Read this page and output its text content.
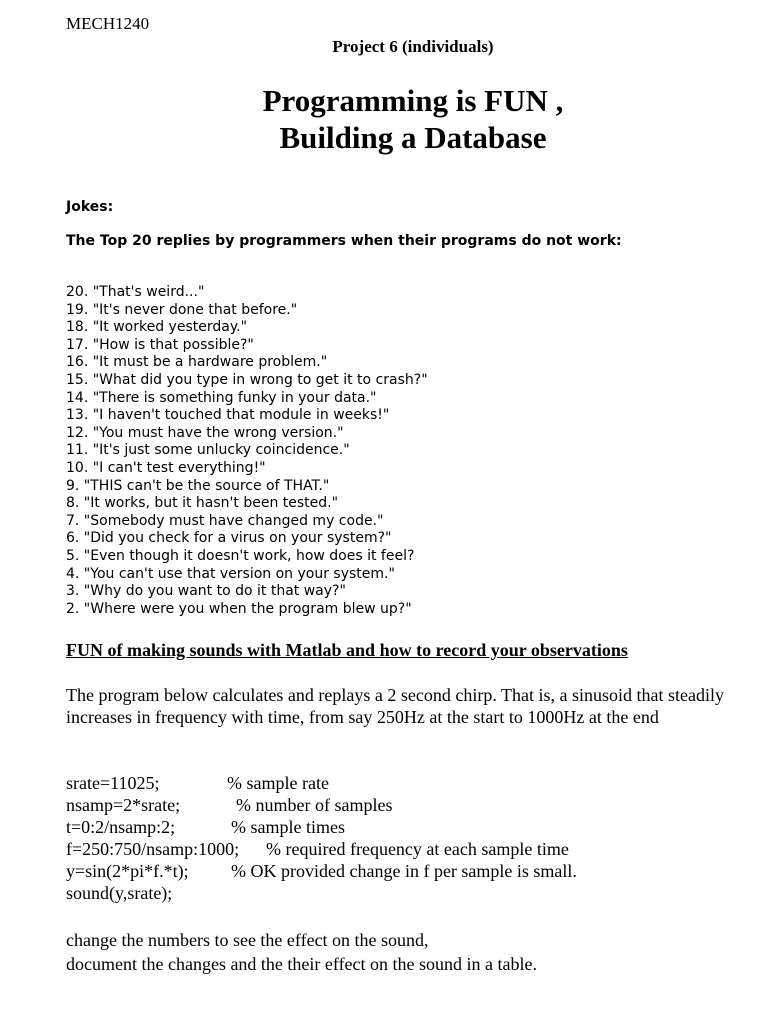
MECH1240
Project 6 (individuals)
Programming is FUN ,
Building a Database
Jokes:
The Top 20 replies by programmers when their programs do not work:
20. "That's weird..."
19. "It's never done that before."
18. "It worked yesterday."
17. "How is that possible?"
16. "It must be a hardware problem."
15. "What did you type in wrong to get it to crash?"
14. "There is something funky in your data."
13. "I haven't touched that module in weeks!"
12. "You must have the wrong version."
11. "It's just some unlucky coincidence."
10. "I can't test everything!"
9. "THIS can't be the source of THAT."
8. "It works, but it hasn't been tested."
7. "Somebody must have changed my code."
6. "Did you check for a virus on your system?"
5. "Even though it doesn't work, how does it feel?
4. "You can't use that version on your system."
3. "Why do you want to do it that way?"
2. "Where were you when the program blew up?"
FUN of making sounds with Matlab and how to record your observations

The program below calculates and replays a 2 second chirp. That is, a sinusoid that steadily increases in frequency with time, from say 250Hz at the start to 1000Hz at the end

srate=11025;	% sample rate
nsamp=2*srate;	% number of samples
t=0:2/nsamp:2;	% sample times
f=250:750/nsamp:1000; % required frequency at each sample time
y=sin(2*pi*f.*t); % OK provided change in f per sample is small.
sound(y,srate);
change the numbers to see the effect on the sound,
document the changes and the their effect on the sound in a table.
